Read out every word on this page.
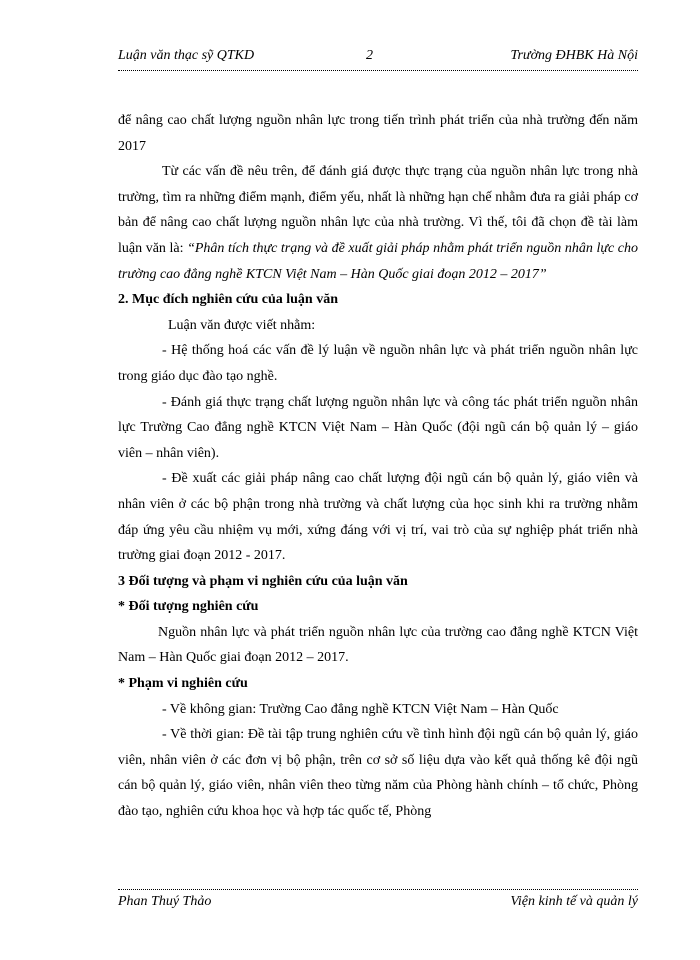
Luận văn thạc sỹ QTKD	2	Trường ĐHBK Hà Nội

để nâng cao chất lượng nguồn nhân lực trong tiến trình phát triển của nhà trường đến năm 2017

Từ các vấn đề nêu trên, để đánh giá được thực trạng của nguồn nhân lực trong nhà trường, tìm ra những điểm mạnh, điểm yếu, nhất là những hạn chế nhằm đưa ra giải pháp cơ bản để nâng cao chất lượng nguồn nhân lực của nhà trường. Vì thế, tôi đã chọn đề tài làm luận văn là: “Phân tích thực trạng và đề xuất giải pháp nhằm phát triển nguồn nhân lực cho trường cao đẳng nghề KTCN Việt Nam – Hàn Quốc giai đoạn 2012 – 2017”

2. Mục đích nghiên cứu của luận văn

Luận văn được viết nhằm:

- Hệ thống hoá các vấn đề lý luận về nguồn nhân lực và phát triển nguồn nhân lực trong giáo dục đào tạo nghề.

- Đánh giá thực trạng chất lượng nguồn nhân lực và công tác phát triển nguồn nhân lực Trường Cao đẳng nghề KTCN Việt Nam – Hàn Quốc (đội ngũ cán bộ quản lý – giáo viên – nhân viên).

- Đề xuất các giải pháp nâng cao chất lượng đội ngũ cán bộ quản lý, giáo viên và nhân viên ở các bộ phận trong nhà trường và chất lượng của học sinh khi ra trường nhằm đáp ứng yêu cầu nhiệm vụ mới, xứng đáng với vị trí, vai trò của sự nghiệp phát triển nhà trường giai đoạn 2012 - 2017.

3 Đối tượng và phạm vi nghiên cứu của luận văn

* Đối tượng nghiên cứu

Nguồn nhân lực và phát triển nguồn nhân lực của trường cao đẳng nghề KTCN Việt Nam – Hàn Quốc giai đoạn 2012 – 2017.

* Phạm vi nghiên cứu

- Về không gian: Trường Cao đẳng nghề KTCN Việt Nam – Hàn Quốc

- Về thời gian: Đề tài tập trung nghiên cứu về tình hình đội ngũ cán bộ quản lý, giáo viên, nhân viên ở các đơn vị bộ phận, trên cơ sở số liệu dựa vào kết quả thống kê đội ngũ cán bộ quản lý, giáo viên, nhân viên theo từng năm của Phòng hành chính – tổ chức, Phòng đào tạo, nghiên cứu khoa học và hợp tác quốc tế, Phòng

Phan Thuý Thảo	Viện kinh tế và quản lý
